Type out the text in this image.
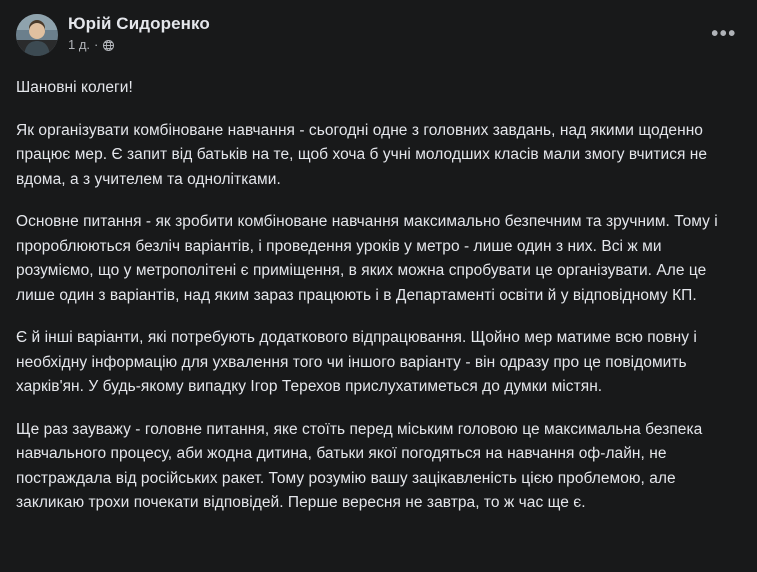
Юрій Сидоренко
1 д. ·	•••

Шановні колеги!

Як організувати комбіноване навчання - сьогодні одне з головних завдань, над якими щоденно працює мер. Є запит від батьків на те, щоб хоча б учні молодших класів мали змогу вчитися не вдома, а з учителем та однолітками.

Основне питання - як зробити комбіноване навчання максимально безпечним та зручним. Тому і пророблюються безліч варіантів, і проведення уроків у метро - лише один з них. Всі ж ми розуміємо, що у метрополітені є приміщення, в яких можна спробувати це організувати. Але це лише один з варіантів, над яким зараз працюють і в Департаменті освіти й у відповідному КП.

Є й інші варіанти, які потребують додаткового відпрацювання. Щойно мер матиме всю повну і необхідну інформацію для ухвалення того чи іншого варіанту - він одразу про це повідомить харків'ян. У будь-якому випадку Ігор Терехов прислухатиметься до думки містян.

Ще раз зауважу - головне питання, яке стоїть перед міським головою це максимальна безпека навчального процесу, аби жодна дитина, батьки якої погодяться на навчання оф-лайн, не постраждала від російських ракет. Тому розумію вашу зацікавленість цією проблемою, але закликаю трохи почекати відповідей. Перше вересня не завтра, то ж час ще є.
